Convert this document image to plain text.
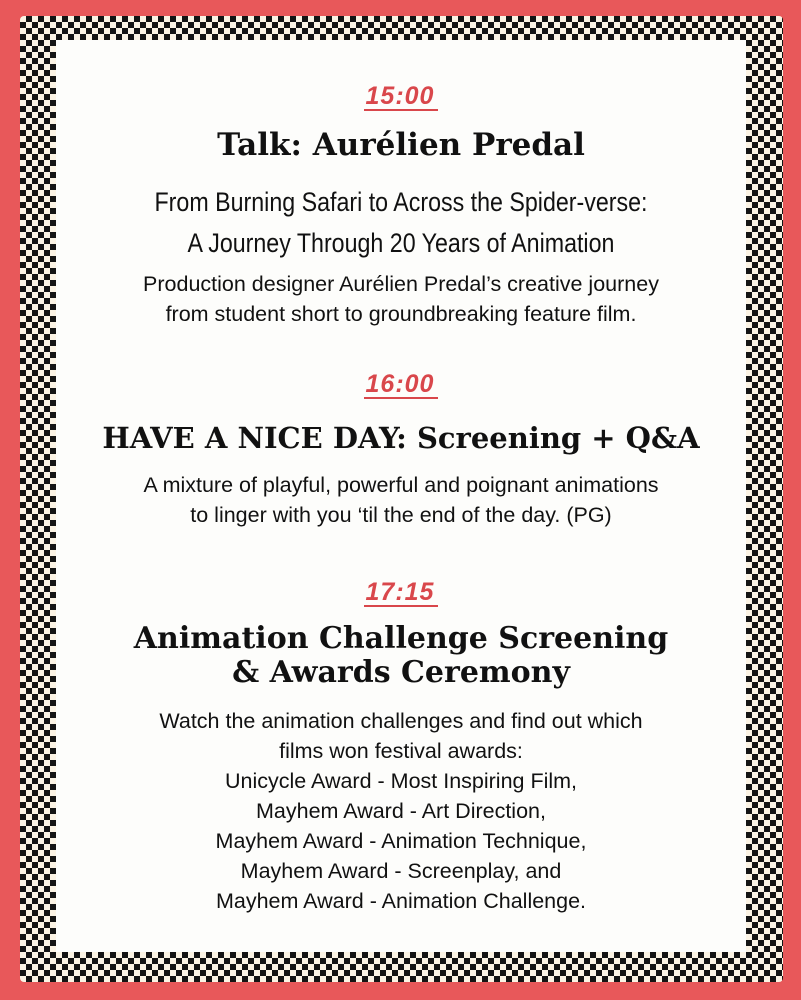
15:00
Talk: Aurélien Predal
From Burning Safari to Across the Spider-verse:
A Journey Through 20 Years of Animation
Production designer Aurélien Predal’s creative journey
from student short to groundbreaking feature film.
16:00
HAVE A NICE DAY: Screening + Q&A
A mixture of playful, powerful and poignant animations
to linger with you ‘til the end of the day. (PG)
17:15
Animation Challenge Screening
& Awards Ceremony
Watch the animation challenges and find out which
films won festival awards:
Unicycle Award - Most Inspiring Film,
Mayhem Award - Art Direction,
Mayhem Award - Animation Technique,
Mayhem Award - Screenplay, and
Mayhem Award - Animation Challenge.
